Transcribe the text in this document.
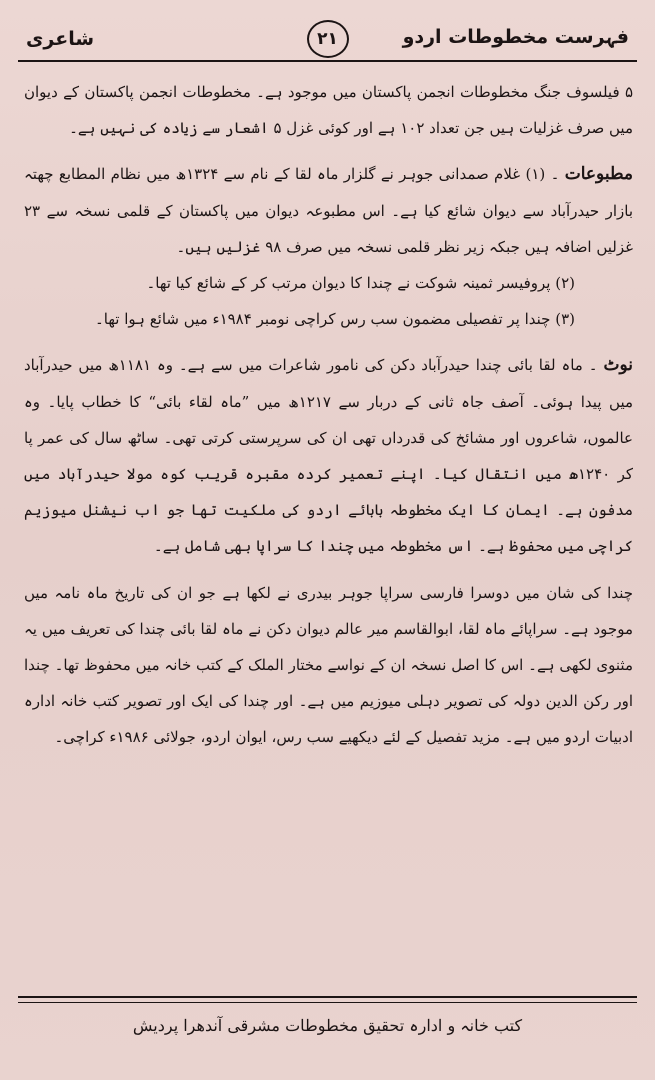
فہرست مخطوطات اردو
۲۱
شاعری

۵ فیلسوف جنگ مخطوطات انجمن پاکستان میں موجود ہے۔ مخطوطات انجمن پاکستان کے دیوان میں صرف غزلیات ہیں جن تعداد ۱۰۲ ہے اور کوئی غزل ۵ اشعار سے زیادہ کی نہیں ہے۔

مطبوعات ۔ (۱) غلام صمدانی جوہر نے گلزار ماہ لقا کے نام سے ۱۳۲۴ھ میں نظام المطابع چھتہ بازار حیدرآباد سے دیوان شائع کیا ہے۔ اس مطبوعہ دیوان میں پاکستان کے قلمی نسخہ سے ۲۳ غزلیں اضافہ ہیں جبکہ زیر نظر قلمی نسخہ میں صرف ۹۸ غزلیں ہیں۔

(۲) پروفیسر ثمینہ شوکت نے چندا کا دیوان مرتب کر کے شائع کیا تھا۔

(۳) چندا پر تفصیلی مضمون سب رس کراچی نومبر ۱۹۸۴ء میں شائع ہوا تھا۔

نوٹ ۔ ماہ لقا بائی چندا حیدرآباد دکن کی نامور شاعرات میں سے ہے۔ وہ ۱۱۸۱ھ میں حیدرآباد میں پیدا ہوئی۔ آصف جاہ ثانی کے دربار سے ۱۲۱۷ھ میں ”ماہ لقاء بائی“ کا خطاب پایا۔ وہ عالموں، شاعروں اور مشائخ کی قدرداں تھی ان کی سرپرستی کرتی تھی۔ ساٹھ سال کی عمر پا کر ۱۲۴۰ھ میں انتقال کیا۔ اپنے تعمیر کردہ مقبرہ قریب کوہ مولا حیدرآباد میں مدفون ہے۔ ایمان کا ایک مخطوطہ بابائے اردو کی ملکیت تھا جو اب نیشنل میوزیم کراچی میں محفوظ ہے۔ اس مخطوطہ میں چندا کا سراپا بھی شامل ہے۔

چندا کی شان میں دوسرا فارسی سراپا جوہر بیدری نے لکھا ہے جو ان کی تاریخ ماہ نامہ میں موجود ہے۔ سراپائے ماہ لقا، ابوالقاسم میر عالم دیوان دکن نے ماہ لقا بائی چندا کی تعریف میں یہ مثنوی لکھی ہے۔ اس کا اصل نسخہ ان کے نواسے مختار الملک کے کتب خانہ میں محفوظ تھا۔ چندا اور رکن الدین دولہ کی تصویر دہلی میوزیم میں ہے۔ اور چندا کی ایک اور تصویر کتب خانہ ادارہ ادبیات اردو میں ہے۔ مزید تفصیل کے لئے دیکھیے سب رس، ایوان اردو، جولائی ۱۹۸۶ء کراچی۔

کتب خانہ و ادارہ تحقیق مخطوطات مشرقی آندھرا پردیش
